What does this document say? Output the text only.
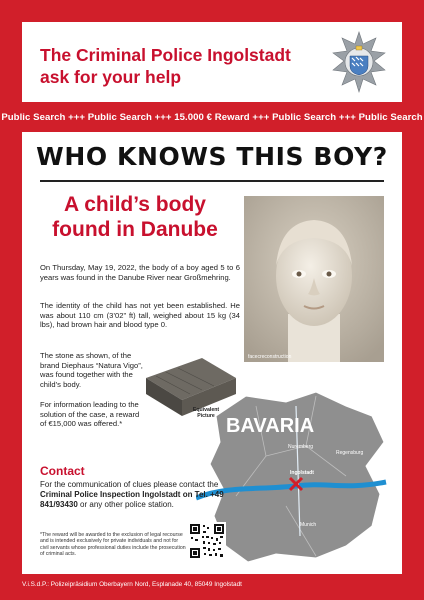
The Criminal Police Ingolstadt
ask for your help
Public Search +++ Public Search +++ 15.000 € Reward +++ Public Search +++ Public Search
WHO KNOWS THIS BOY?
A child’s body
found in Danube

On Thursday, May 19, 2022, the body of a boy aged 5 to 6 years was found in the Danube River near Großmehring.

The identity of the child has not yet been established. He was about 110 cm (3’02” ft) tall, weighed about 15 kg (34 lbs), had brown hair and blood type 0.

The stone as shown, of the brand Diephaus “Natura Vigo”, was found together with the child’s body.

For information leading to the solution of the case, a reward of €15,000 was offered.*

facecreconstruction
Equivalent Picture BAVARIA
Nuremberg
Regensburg
Ingolstadt
Munich
Contact
For the communication of clues please contact the Criminal Police Inspection Ingolstadt on Tel. +49 841/93430 or any other police station.
*The reward will be awarded to the exclusion of legal recourse and is intended exclusively for private individuals and not for civil servants whose professional duties include the prosecution of criminal acts.
V.i.S.d.P.: Polizeipräsidium Oberbayern Nord, Esplanade 40, 85049 Ingolstadt
